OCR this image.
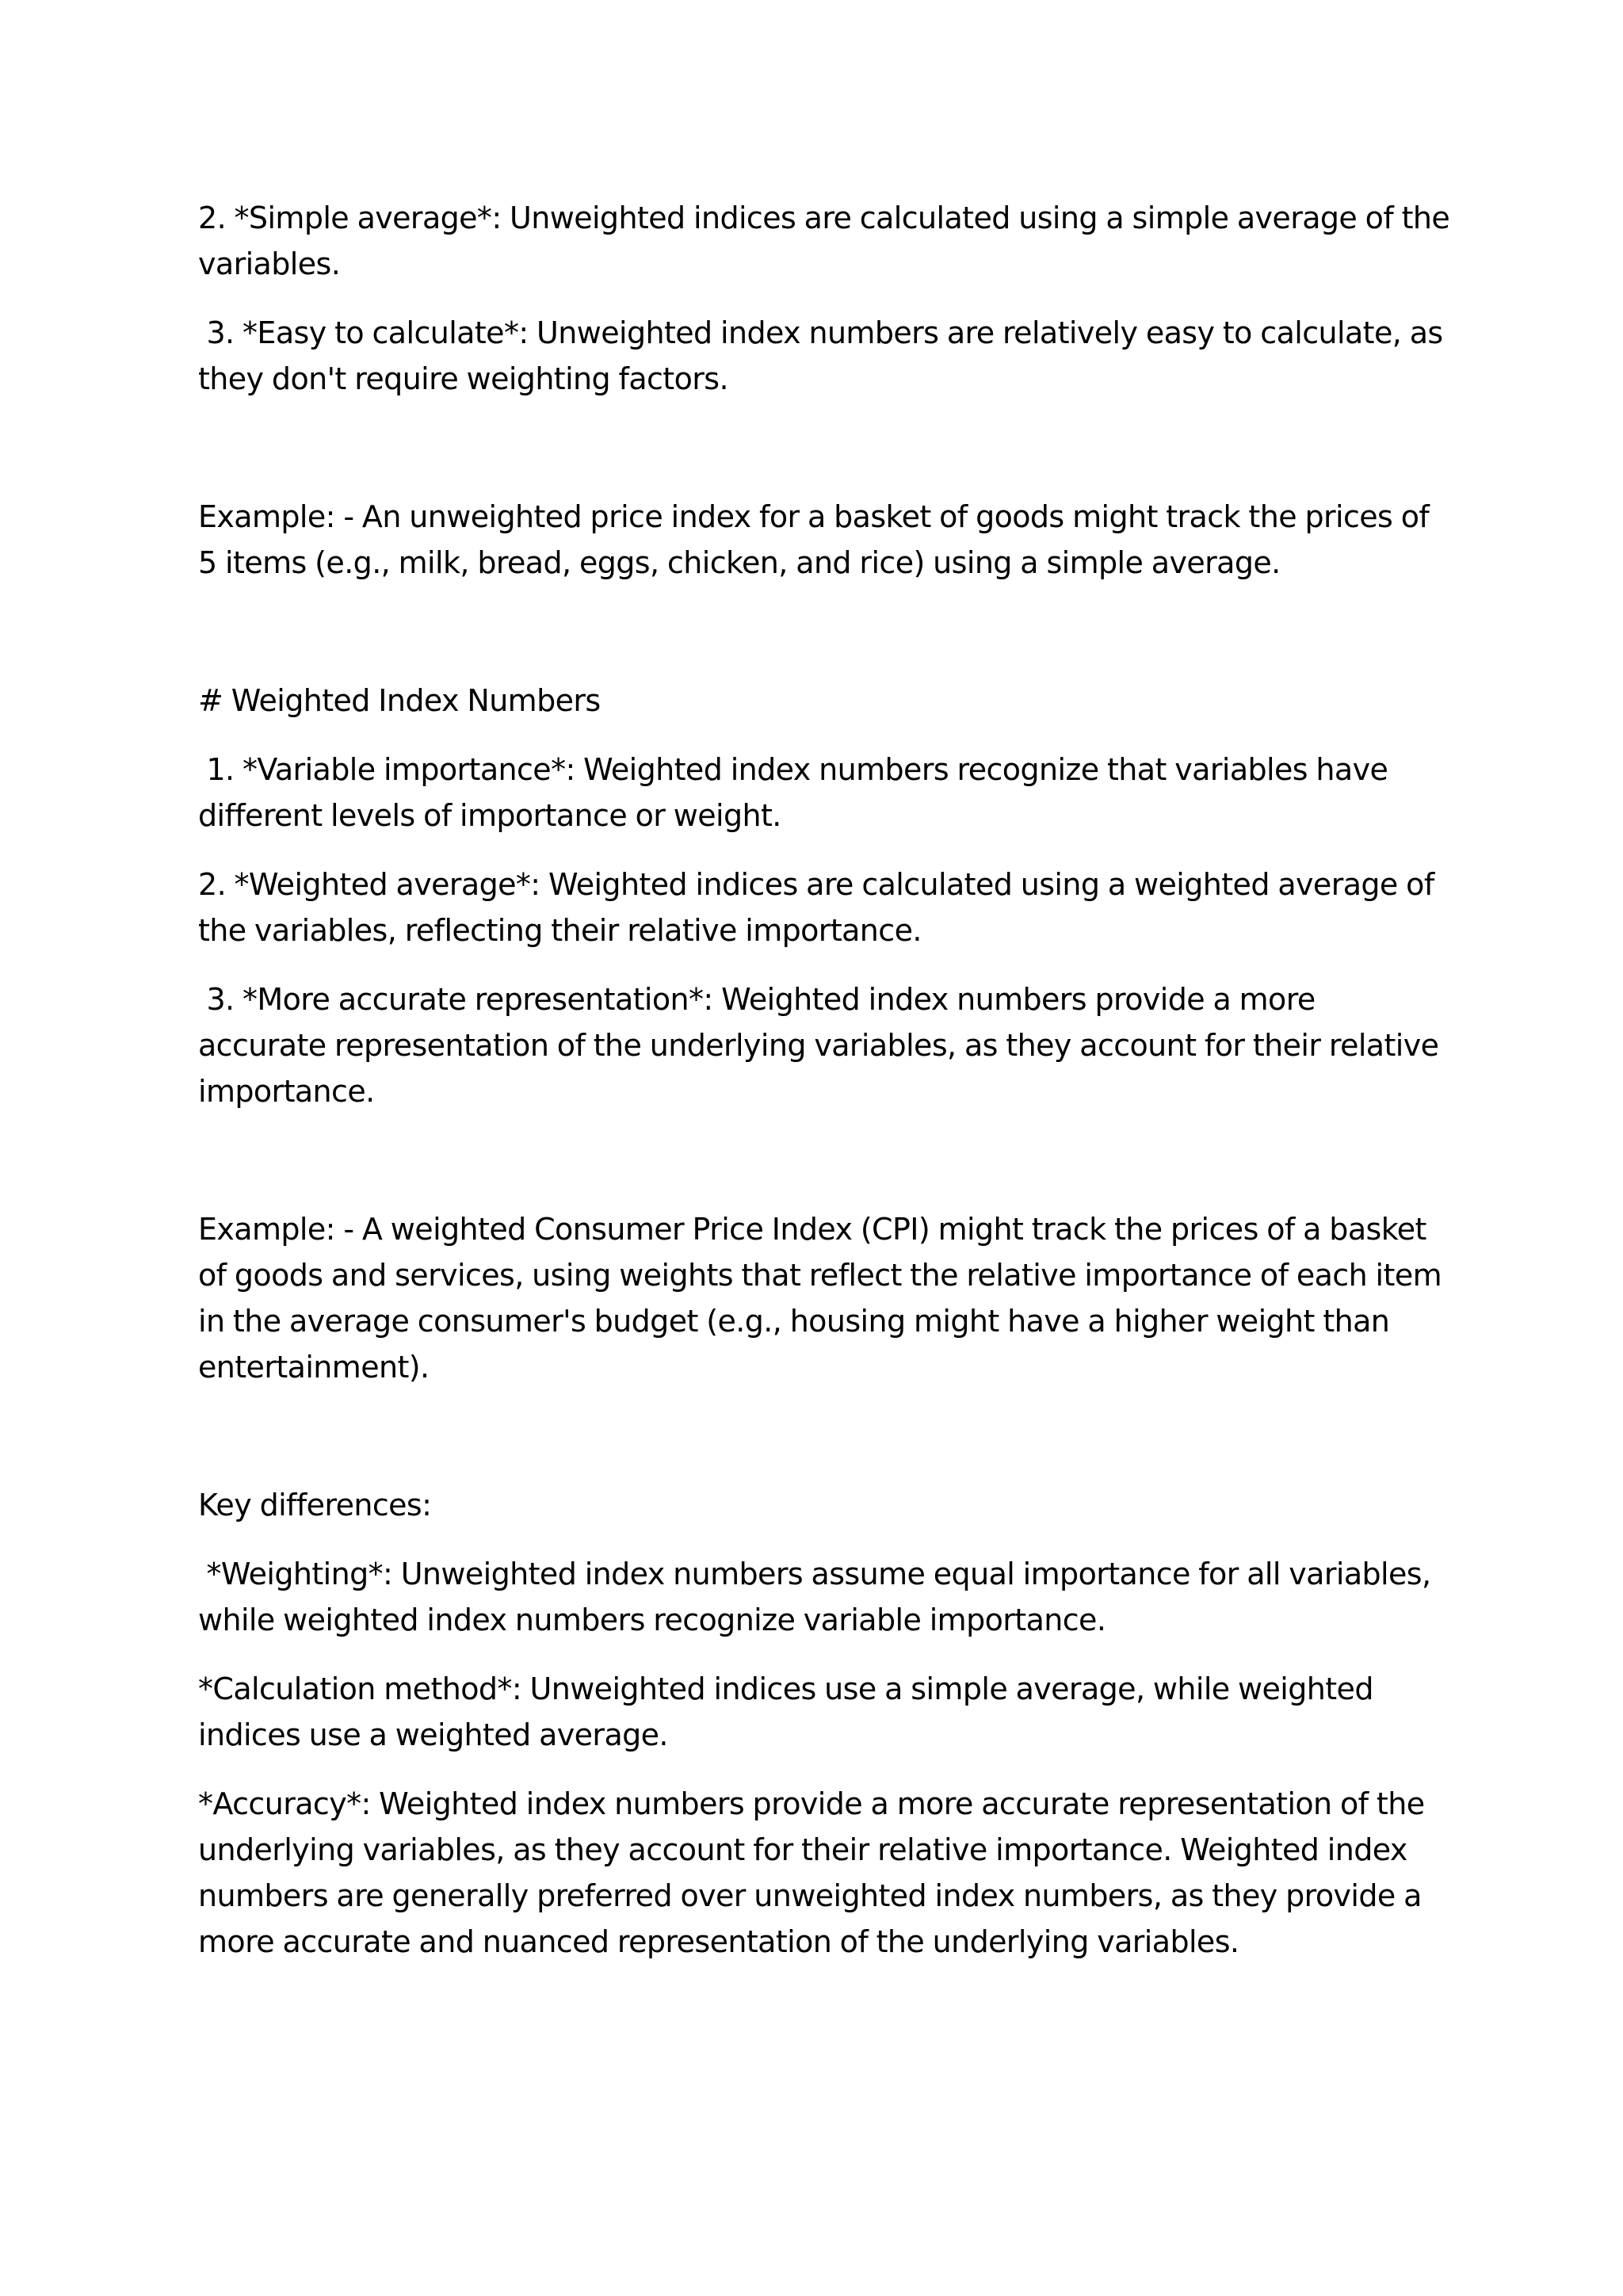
2. *Simple average*: Unweighted indices are calculated using a simple average of the variables.

3. *Easy to calculate*: Unweighted index numbers are relatively easy to calculate, as they don't require weighting factors.

Example: - An unweighted price index for a basket of goods might track the prices of 5 items (e.g., milk, bread, eggs, chicken, and rice) using a simple average.

# Weighted Index Numbers

1. *Variable importance*: Weighted index numbers recognize that variables have different levels of importance or weight.

2. *Weighted average*: Weighted indices are calculated using a weighted average of the variables, reflecting their relative importance.

3. *More accurate representation*: Weighted index numbers provide a more accurate representation of the underlying variables, as they account for their relative importance.

Example: - A weighted Consumer Price Index (CPI) might track the prices of a basket of goods and services, using weights that reflect the relative importance of each item in the average consumer's budget (e.g., housing might have a higher weight than entertainment).

Key differences:

*Weighting*: Unweighted index numbers assume equal importance for all variables, while weighted index numbers recognize variable importance.

*Calculation method*: Unweighted indices use a simple average, while weighted indices use a weighted average.

*Accuracy*: Weighted index numbers provide a more accurate representation of the underlying variables, as they account for their relative importance. Weighted index numbers are generally preferred over unweighted index numbers, as they provide a more accurate and nuanced representation of the underlying variables.
